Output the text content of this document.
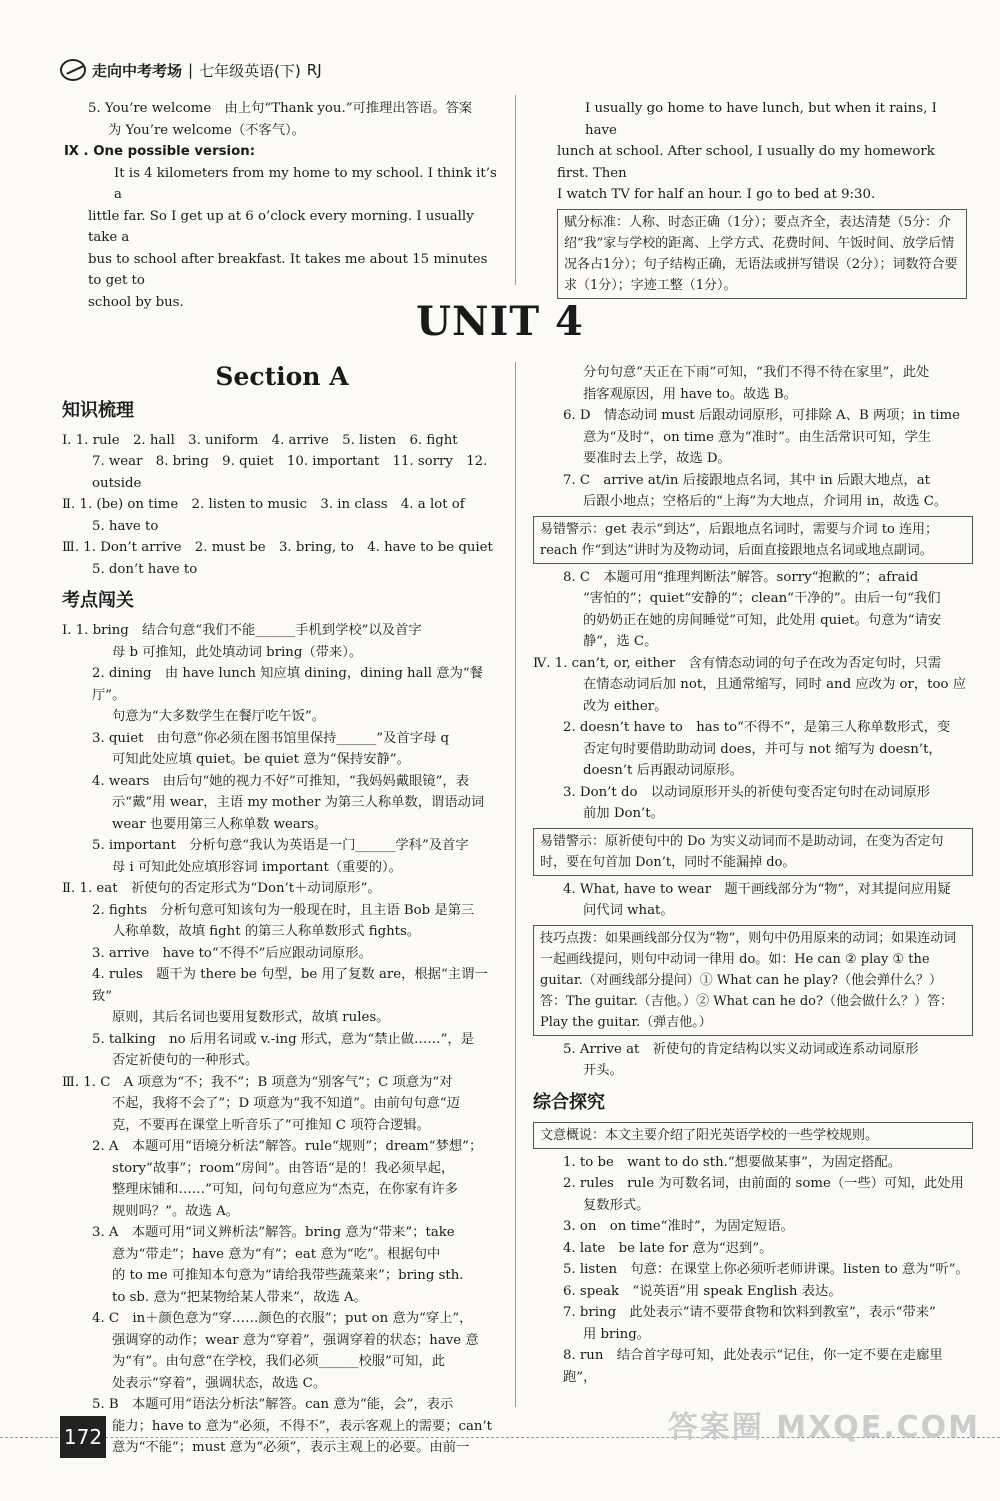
走向中考考场 | 七年级英语(下) RJ

5. You’re welcome　由上句“Thank you.”可推理出答语。答案

为 You’re welcome（不客气）。

Ⅸ . One possible version:

It is 4 kilometers from my home to my school. I think it’s a

little far. So I get up at 6 o’clock every morning. I usually take a

bus to school after breakfast. It takes me about 15 minutes to get to

school by bus.

I usually go home to have lunch, but when it rains, I have

lunch at school. After school, I usually do my homework first. Then

I watch TV for half an hour. I go to bed at 9:30.

赋分标准：人称、时态正确（1分）；要点齐全，表达清楚（5分：介绍“我”家与学校的距离、上学方式、花费时间、午饭时间、放学后情况各占1分）；句子结构正确，无语法或拼写错误（2分）；词数符合要求（1分）；字迹工整（1分）。
UNIT 4
Section A
知识梳理

Ⅰ. 1. rule　2. hall　3. uniform　4. arrive　5. listen　6. fight

7. wear　8. bring　9. quiet　10. important　11. sorry　12. outside

Ⅱ. 1. (be) on time　2. listen to music　3. in class　4. a lot of

5. have to

Ⅲ. 1. Don’t arrive　2. must be　3. bring, to　4. have to be quiet

5. don’t have to

考点闯关

Ⅰ. 1. bring　结合句意“我们不能______手机到学校”以及首字

母 b 可推知，此处填动词 bring（带来）。

2. dining　由 have lunch 知应填 dining，dining hall 意为“餐厅”。

句意为“大多数学生在餐厅吃午饭”。

3. quiet　由句意“你必须在图书馆里保持______”及首字母 q

可知此处应填 quiet。be quiet 意为“保持安静”。

4. wears　由后句“她的视力不好”可推知，“我妈妈戴眼镜”，表

示“戴”用 wear，主语 my mother 为第三人称单数，谓语动词

wear 也要用第三人称单数 wears。

5. important　分析句意“我认为英语是一门______学科”及首字

母 i 可知此处应填形容词 important（重要的）。

Ⅱ. 1. eat　祈使句的否定形式为“Don’t＋动词原形”。

2. fights　分析句意可知该句为一般现在时，且主语 Bob 是第三

人称单数，故填 fight 的第三人称单数形式 fights。

3. arrive　have to“不得不”后应跟动词原形。

4. rules　题干为 there be 句型，be 用了复数 are，根据“主谓一致”

原则，其后名词也要用复数形式，故填 rules。

5. talking　no 后用名词或 v.-ing 形式，意为“禁止做……”，是

否定祈使句的一种形式。

Ⅲ. 1. C　A 项意为“不；我不”；B 项意为“别客气”；C 项意为“对

不起，我将不会了”；D 项意为“我不知道”。由前句句意“迈

克，不要再在课堂上听音乐了”可推知 C 项符合逻辑。

2. A　本题可用“语境分析法”解答。rule“规则”；dream“梦想”；

story“故事”；room“房间”。由答语“是的！我必须早起，

整理床铺和……”可知，问句句意应为“杰克，在你家有许多

规则吗？”。故选 A。

3. A　本题可用“词义辨析法”解答。bring 意为“带来”；take

意为“带走”；have 意为“有”；eat 意为“吃”。根据句中

的 to me 可推知本句意为“请给我带些蔬菜来”；bring sth.

to sb. 意为“把某物给某人带来”，故选 A。

4. C　in＋颜色意为“穿……颜色的衣服”；put on 意为“穿上”，

强调穿的动作；wear 意为“穿着”，强调穿着的状态；have 意

为“有”。由句意“在学校，我们必须______校服”可知，此

处表示“穿着”，强调状态，故选 C。

5. B　本题可用“语法分析法”解答。can 意为“能，会”，表示

能力；have to 意为“必须，不得不”，表示客观上的需要；can’t

意为“不能”；must 意为“必须”，表示主观上的必要。由前一

分句句意“天正在下雨”可知，“我们不得不待在家里”，此处

指客观原因，用 have to。故选 B。

6. D　情态动词 must 后跟动词原形，可排除 A、B 两项；in time

意为“及时”，on time 意为“准时”。由生活常识可知，学生

要准时去上学，故选 D。

7. C　arrive at/in 后接跟地点名词，其中 in 后跟大地点，at

后跟小地点；空格后的“上海”为大地点，介词用 in，故选 C。

易错警示：get 表示“到达”，后跟地点名词时，需要与介词 to 连用；reach 作“到达”讲时为及物动词，后面直接跟地点名词或地点副词。

8. C　本题可用“推理判断法”解答。sorry“抱歉的”；afraid

“害怕的”；quiet“安静的”；clean“干净的”。由后一句“我们

的奶奶正在她的房间睡觉”可知，此处用 quiet。句意为“请安

静”，选 C。

Ⅳ. 1. can’t, or, either　含有情态动词的句子在改为否定句时，只需

在情态动词后加 not，且通常缩写，同时 and 应改为 or，too 应

改为 either。

2. doesn’t have to　has to“不得不”，是第三人称单数形式，变

否定句时要借助助动词 does，并可与 not 缩写为 doesn’t，

doesn’t 后再跟动词原形。

3. Don’t do　以动词原形开头的祈使句变否定句时在动词原形

前加 Don’t。

易错警示：原祈使句中的 Do 为实义动词而不是助动词，在变为否定句时，要在句首加 Don’t，同时不能漏掉 do。

4. What, have to wear　题干画线部分为“物”，对其提问应用疑

问代词 what。

技巧点拨：如果画线部分仅为“物”，则句中仍用原来的动词；如果连动词一起画线提问，则句中动词一律用 do。如：He can ② play ① the guitar.（对画线部分提问）① What can he play?（他会弹什么？）答：The guitar.（吉他。）② What can he do?（他会做什么？）答：Play the guitar.（弹吉他。）

5. Arrive at　祈使句的肯定结构以实义动词或连系动词原形

开头。

综合探究
文意概说：本文主要介绍了阳光英语学校的一些学校规则。

1. to be　want to do sth.“想要做某事”，为固定搭配。

2. rules　rule 为可数名词，由前面的 some（一些）可知，此处用

复数形式。

3. on　on time“准时”，为固定短语。

4. late　be late for 意为“迟到”。

5. listen　句意：在课堂上你必须听老师讲课。listen to 意为“听”。

6. speak　“说英语”用 speak English 表达。

7. bring　此处表示“请不要带食物和饮料到教室”，表示“带来”

用 bring。

8. run　结合首字母可知，此处表示“记住，你一定不要在走廊里跑”，

172	答案圈 MXQE.COM
